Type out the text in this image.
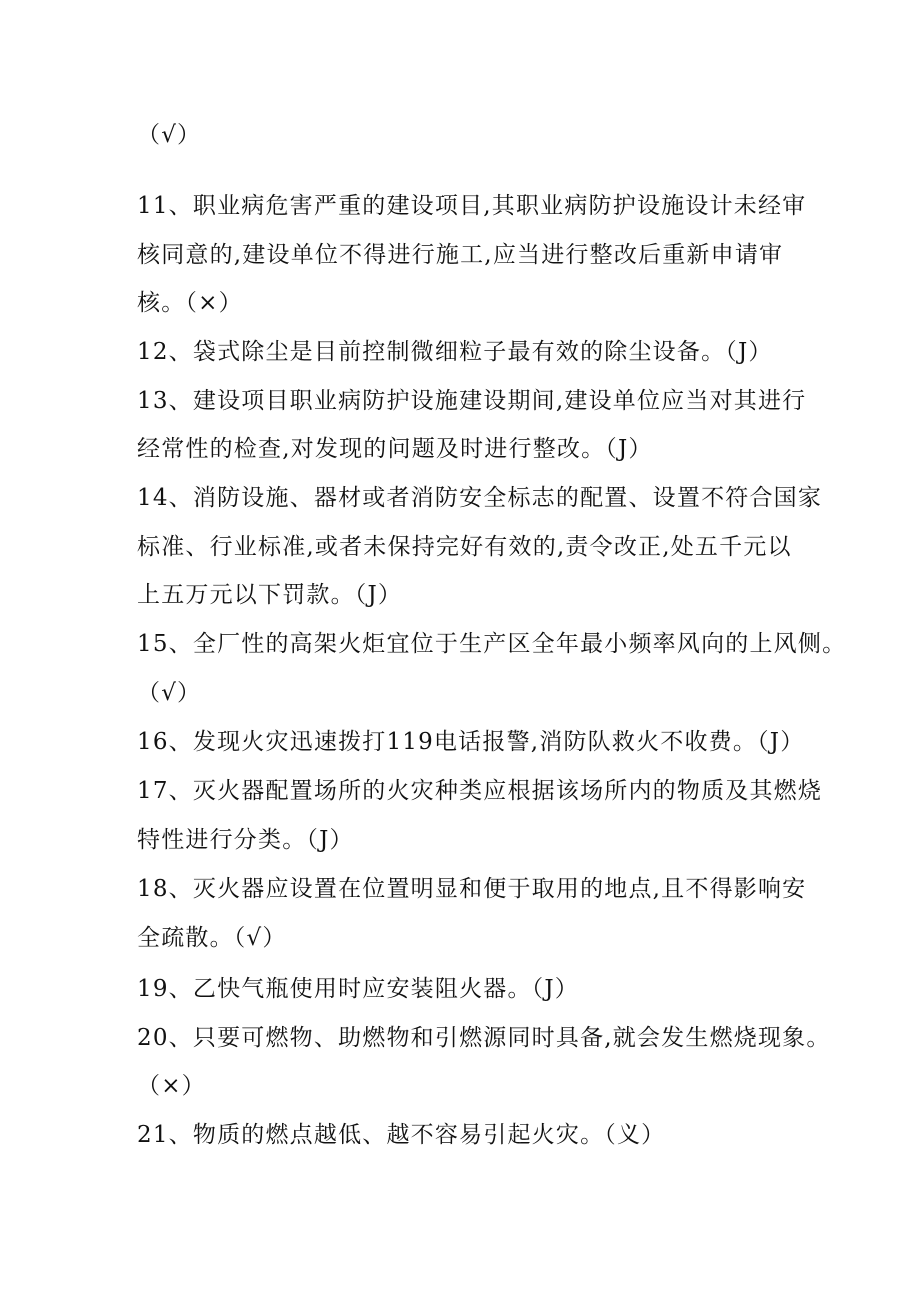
（√）
11、职业病危害严重的建设项目,其职业病防护设施设计未经审
核同意的,建设单位不得进行施工,应当进行整改后重新申请审
核。（×）
12、袋式除尘是目前控制微细粒子最有效的除尘设备。（J）
13、建设项目职业病防护设施建设期间,建设单位应当对其进行
经常性的检查,对发现的问题及时进行整改。（J）
14、消防设施、器材或者消防安全标志的配置、设置不符合国家
标准、行业标准,或者未保持完好有效的,责令改正,处五千元以
上五万元以下罚款。（J）
15、全厂性的高架火炬宜位于生产区全年最小频率风向的上风侧。
（√）
16、发现火灾迅速拨打119电话报警,消防队救火不收费。（J）
17、灭火器配置场所的火灾种类应根据该场所内的物质及其燃烧
特性进行分类。（J）
18、灭火器应设置在位置明显和便于取用的地点,且不得影响安
全疏散。（√）
19、乙快气瓶使用时应安装阻火器。（J）
20、只要可燃物、助燃物和引燃源同时具备,就会发生燃烧现象。
（×）
21、物质的燃点越低、越不容易引起火灾。（义）
